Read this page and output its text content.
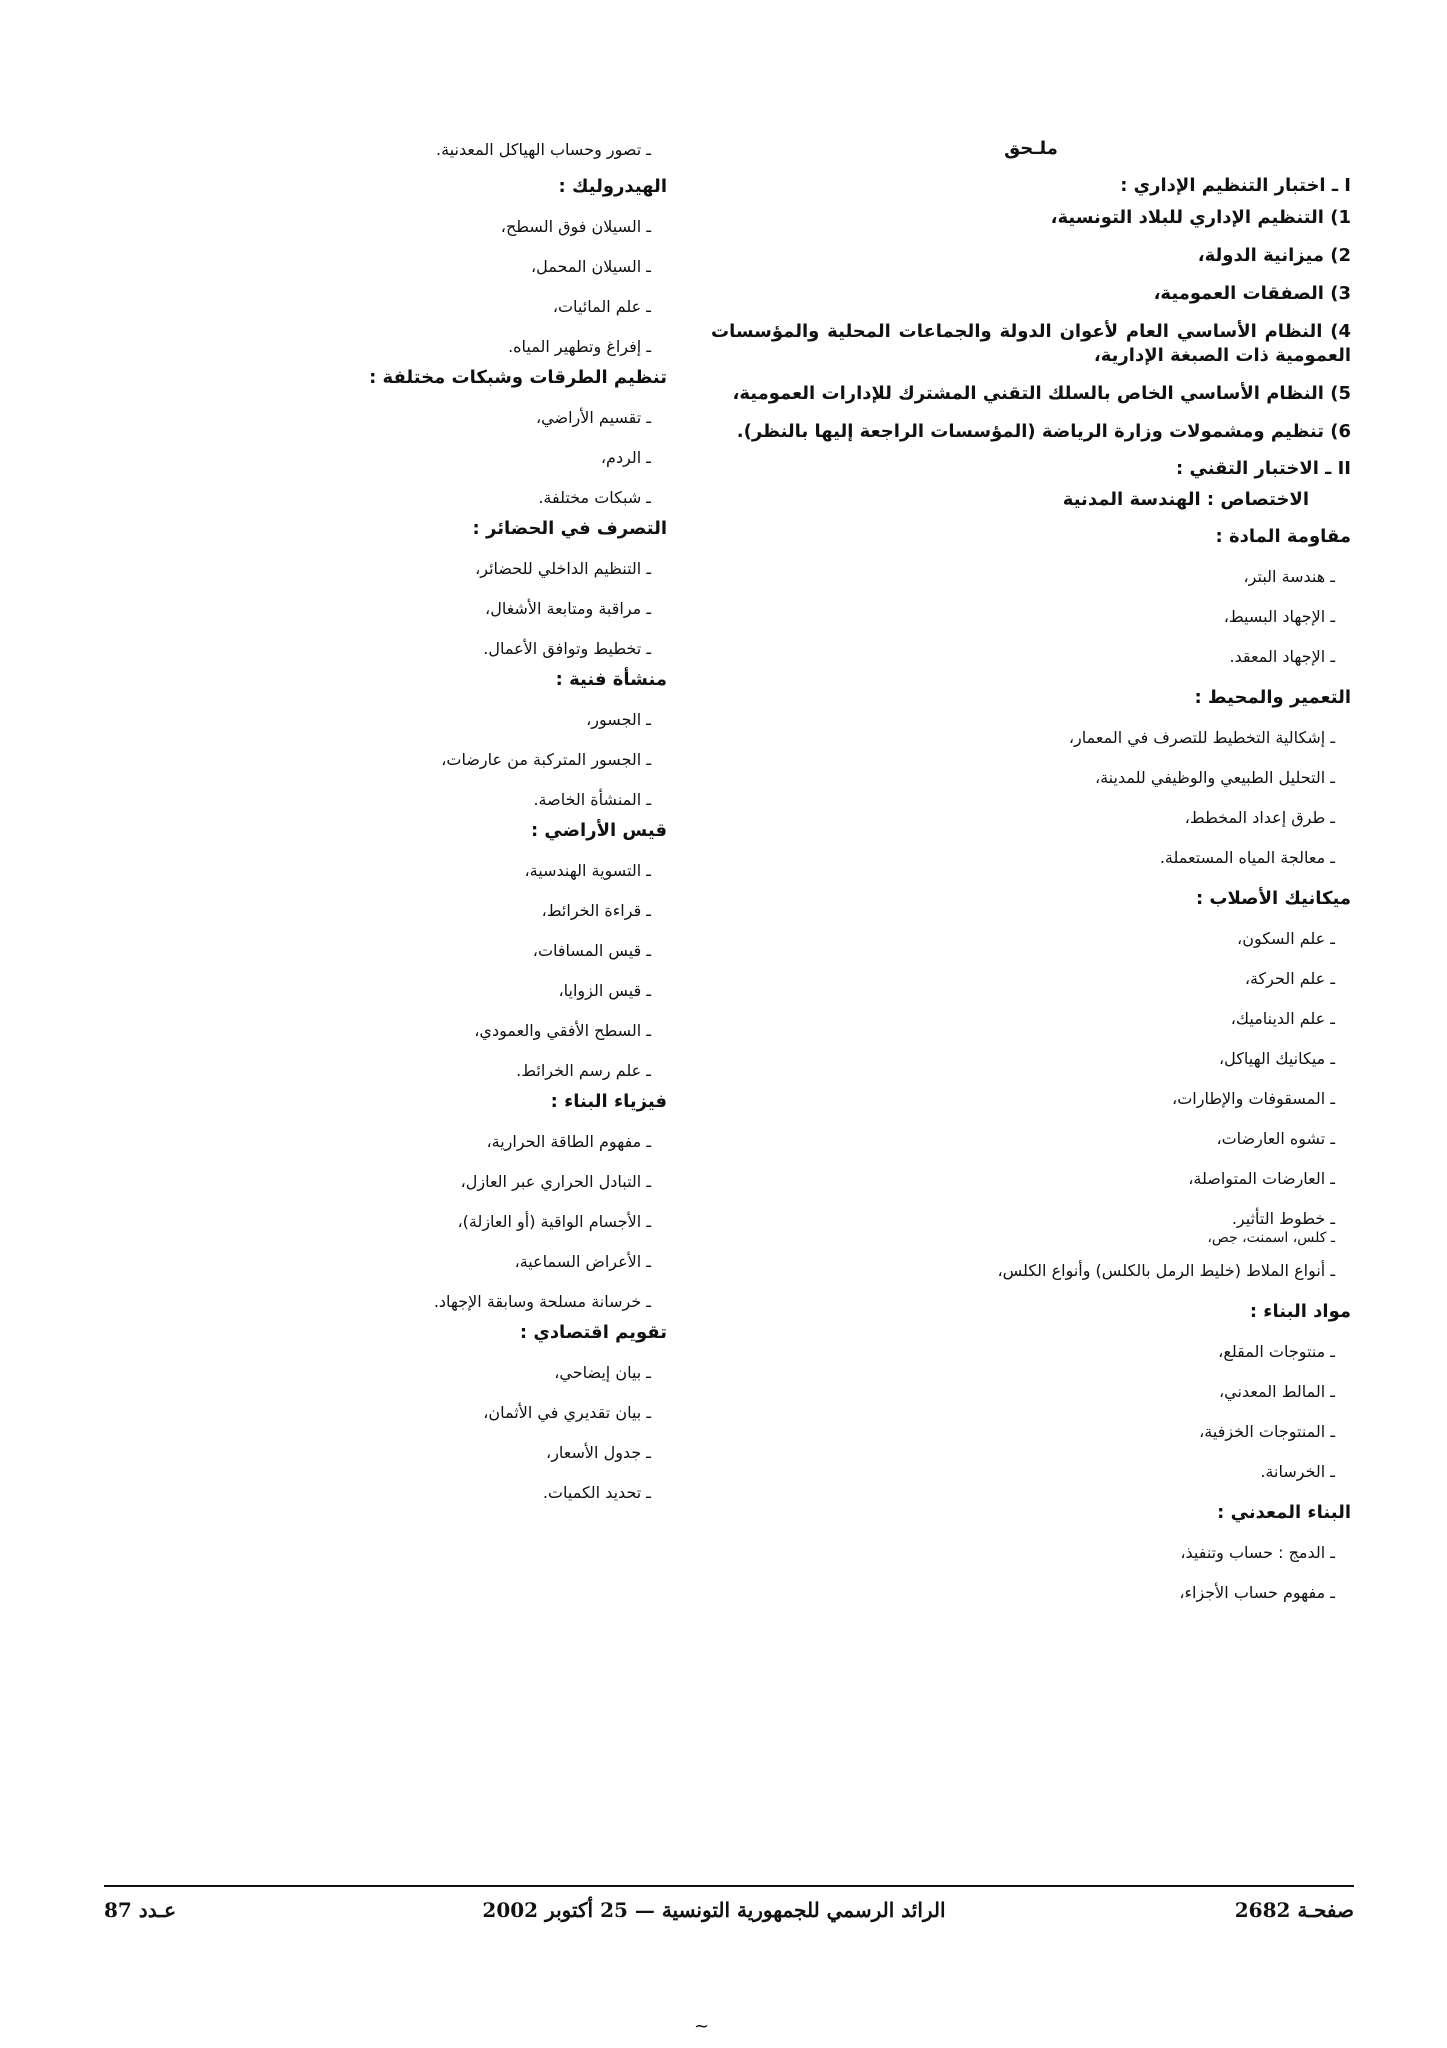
ملـحق
I ـ اختبار التنظيم الإداري :
1) التنظيم الإداري للبلاد التونسية،
2) ميزانية الدولة،
3) الصفقات العمومية،
4) النظام الأساسي العام لأعوان الدولة والجماعات المحلية والمؤسسات العمومية ذات الصبغة الإدارية،
5) النظام الأساسي الخاص بالسلك التقني المشترك للإدارات العمومية،
6) تنظيم ومشمولات وزارة الرياضة (المؤسسات الراجعة إليها بالنظر).
II ـ الاختبار التقني :
الاختصاص : الهندسة المدنية
مقاومة المادة :
ـ هندسة البتر،
ـ الإجهاد البسيط،
ـ الإجهاد المعقد.
التعمير والمحيط :
ـ إشكالية التخطيط للتصرف في المعمار،
ـ التحليل الطبيعي والوظيفي للمدينة،
ـ طرق إعداد المخطط،
ـ معالجة المياه المستعملة.
ميكانيك الأصلاب :
ـ علم السكون،
ـ علم الحركة،
ـ علم الديناميك،
ـ ميكانيك الهياكل،
ـ المسقوفات والإطارات،
ـ تشوه العارضات،
ـ العارضات المتواصلة،
ـ خطوط التأثير.
ـ كلس، اسمنت، جص،
ـ أنواع الملاط (خليط الرمل بالكلس) وأنواع الكلس،
مواد البناء :
ـ منتوجات المقلع،
ـ المالط المعدني،
ـ المنتوجات الخزفية،
ـ الخرسانة.
البناء المعدني :
ـ الدمج : حساب وتنفيذ،
ـ مفهوم حساب الأجزاء،
ـ تصور وحساب الهياكل المعدنية.
الهيدروليك :
ـ السيلان فوق السطح،
ـ السيلان المحمل،
ـ علم المائيات،
ـ إفراغ وتطهير المياه.
تنظيم الطرقات وشبكات مختلفة :
ـ تقسيم الأراضي،
ـ الردم،
ـ شبكات مختلفة.
التصرف في الحضائر :
ـ التنظيم الداخلي للحضائر،
ـ مراقبة ومتابعة الأشغال،
ـ تخطيط وتوافق الأعمال.
منشأة فنية :
ـ الجسور،
ـ الجسور المتركبة من عارضات،
ـ المنشأة الخاصة.
قيس الأراضي :
ـ التسوية الهندسية،
ـ قراءة الخرائط،
ـ قيس المسافات،
ـ قيس الزوايا،
ـ السطح الأفقي والعمودي،
ـ علم رسم الخرائط.
فيزياء البناء :
ـ مفهوم الطاقة الحرارية،
ـ التبادل الحراري عبر العازل،
ـ الأجسام الواقية (أو العازلة)،
ـ الأعراض السماعية،
ـ خرسانة مسلحة وسابقة الإجهاد.
تقويم اقتصادي :
ـ بيان إيضاحي،
ـ بيان تقديري في الأثمان،
ـ جدول الأسعار،
ـ تحديد الكميات.
عـدد 87	الرائد الرسمي للجمهورية التونسية — 25 أكتوبر 2002	صفحـة 2682
~
